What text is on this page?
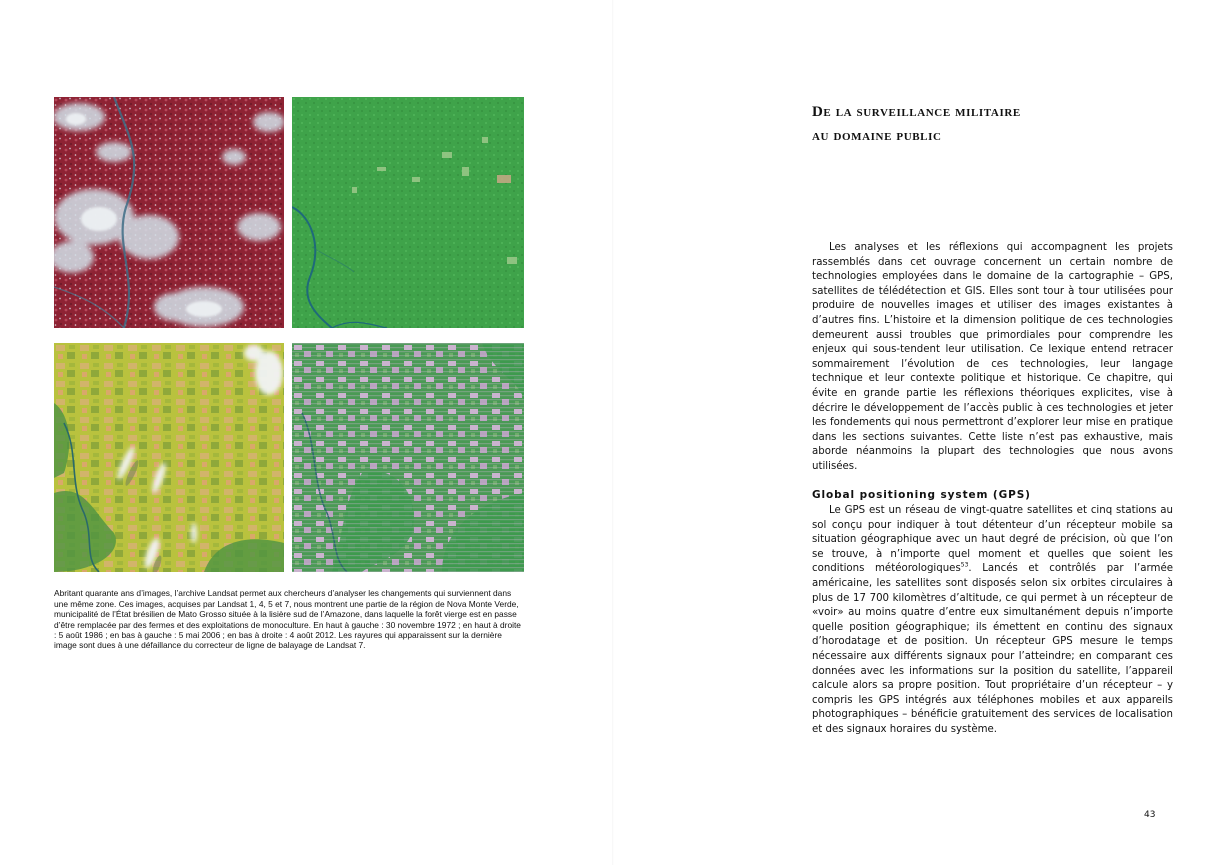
Abritant quarante ans d’images, l’archive Landsat permet aux chercheurs d’analyser les changements qui surviennent dans une même zone. Ces images, acquises par Landsat 1, 4, 5 et 7, nous montrent une partie de la région de Nova Monte Verde, municipalité de l’État brésilien de Mato Grosso située à la lisière sud de l’Amazone, dans laquelle la forêt vierge est en passe d’être remplacée par des fermes et des exploitations de monoculture. En haut à gauche : 30 novembre 1972 ; en haut à droite : 5 août 1986 ; en bas à gauche : 5 mai 2006 ; en bas à droite : 4 août 2012. Les rayures qui apparaissent sur la dernière image sont dues à une défaillance du correcteur de ligne de balayage de Landsat 7.

De la surveillance militaire
au domaine public

Les analyses et les réflexions qui accompagnent les projets rassemblés dans cet ouvrage concernent un certain nombre de technologies employées dans le domaine de la cartographie – GPS, satellites de télédétection et GIS. Elles sont tour à tour utilisées pour produire de nouvelles images et utiliser des images existantes à d’autres fins. L’histoire et la dimension politique de ces technologies demeurent aussi troubles que primordiales pour comprendre les enjeux qui sous-tendent leur utilisation. Ce lexique entend retracer sommairement l’évolution de ces technologies, leur langage technique et leur contexte politique et historique. Ce chapitre, qui évite en grande partie les réflexions théoriques explicites, vise à décrire le développement de l’accès public à ces technologies et jeter les fondements qui nous permettront d’explorer leur mise en pratique dans les sections suivantes. Cette liste n’est pas exhaustive, mais aborde néanmoins la plupart des technologies que nous avons utilisées.

Global positioning system (GPS)

Le GPS est un réseau de vingt-quatre satellites et cinq stations au sol conçu pour indiquer à tout détenteur d’un récepteur mobile sa situation géographique avec un haut degré de précision, où que l’on se trouve, à n’importe quel moment et quelles que soient les conditions météorologiques$^{53}$. Lancés et contrôlés par l’armée américaine, les satellites sont disposés selon six orbites circulaires à plus de 17 700 kilomètres d’altitude, ce qui permet à un récepteur de «voir» au moins quatre d’entre eux simultanément depuis n’importe quelle position géographique; ils émettent en continu des signaux d’horodatage et de position. Un récepteur GPS mesure le temps nécessaire aux différents signaux pour l’atteindre; en comparant ces données avec les informations sur la position du satellite, l’appareil calcule alors sa propre position. Tout propriétaire d’un récepteur – y compris les GPS intégrés aux téléphones mobiles et aux appareils photographiques – bénéficie gratuitement des services de localisation et des signaux horaires du système.

43
